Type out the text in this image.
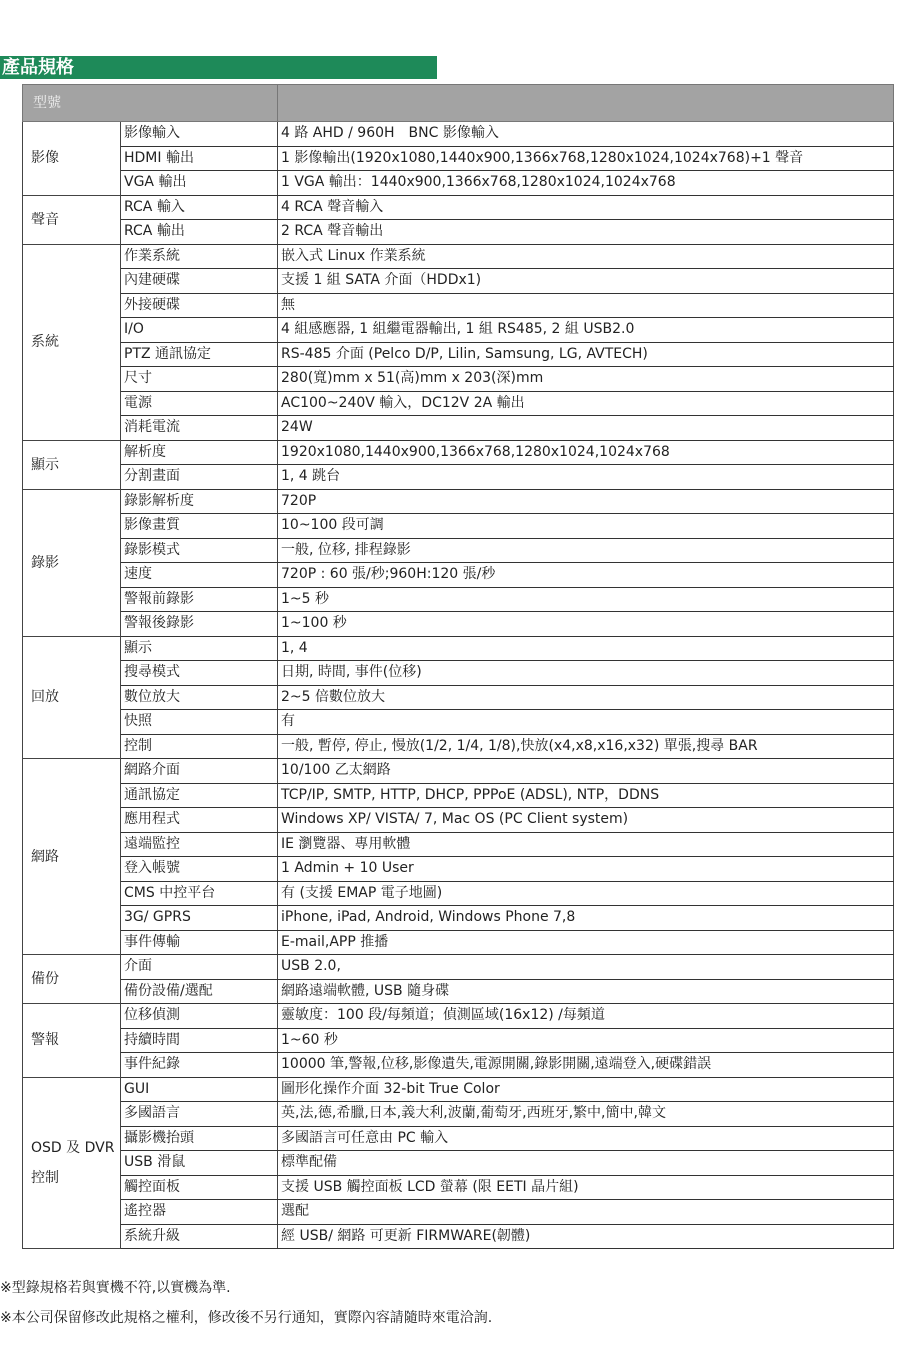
產品規格
型號		
影像	影像輸入	4 路 AHD / 960H　BNC 影像輸入
	HDMI 輸出	1 影像輸出(1920x1080,1440x900,1366x768,1280x1024,1024x768)+1 聲音
	VGA 輸出	1 VGA 輸出：1440x900,1366x768,1280x1024,1024x768
聲音	RCA 輸入	4 RCA 聲音輸入
	RCA 輸出	2 RCA 聲音輸出
系統	作業系統	嵌入式 Linux 作業系統
	內建硬碟	支援 1 組 SATA 介面（HDDx1)
	外接硬碟	無
	I/O	4 組感應器, 1 組繼電器輸出, 1 組 RS485, 2 組 USB2.0
	PTZ 通訊協定	RS-485 介面 (Pelco D/P, Lilin, Samsung, LG, AVTECH)
	尺寸	280(寬)mm x 51(高)mm x 203(深)mm
	電源	AC100~240V 輸入，DC12V 2A 輸出
	消耗電流	24W
顯示	解析度	1920x1080,1440x900,1366x768,1280x1024,1024x768
	分割畫面	1, 4 跳台
錄影	錄影解析度	720P
	影像畫質	10~100 段可調
	錄影模式	一般, 位移, 排程錄影
	速度	720P : 60 張/秒;960H:120 張/秒
	警報前錄影	1~5 秒
	警報後錄影	1~100 秒
回放	顯示	1, 4
	搜尋模式	日期, 時間, 事件(位移)
	數位放大	2~5 倍數位放大
	快照	有
	控制	一般, 暫停, 停止, 慢放(1/2, 1/4, 1/8),快放(x4,x8,x16,x32) 單張,搜尋 BAR
網路	網路介面	10/100 乙太網路
	通訊協定	TCP/IP, SMTP, HTTP, DHCP, PPPoE (ADSL), NTP，DDNS
	應用程式	Windows XP/ VISTA/ 7, Mac OS (PC Client system)
	遠端監控	IE 瀏覽器、專用軟體
	登入帳號	1 Admin + 10 User
	CMS 中控平台	有 (支援 EMAP 電子地圖)
	3G/ GPRS	iPhone, iPad, Android, Windows Phone 7,8
	事件傳輸	E-mail,APP 推播
備份	介面	USB 2.0,
	備份設備/選配	網路遠端軟體, USB 隨身碟
警報	位移偵測	靈敏度：100 段/每頻道；偵測區域(16x12) /每頻道
	持續時間	1~60 秒
	事件紀錄	10000 筆,警報,位移,影像遺失,電源開關,錄影開關,遠端登入,硬碟錯誤
OSD 及 DVR 控制	GUI	圖形化操作介面 32-bit True Color
	多國語言	英,法,德,希臘,日本,義大利,波蘭,葡萄牙,西班牙,繁中,簡中,韓文
	攝影機抬頭	多國語言可任意由 PC 輸入
	USB 滑鼠	標準配備
	觸控面板	支援 USB 觸控面板 LCD 螢幕 (限 EETI 晶片組)
	遙控器	選配
	系統升級	經 USB/ 網路 可更新 FIRMWARE(韌體)
※型錄規格若與實機不符,以實機為準.
※本公司保留修改此規格之權利，修改後不另行通知，實際內容請隨時來電洽詢.
